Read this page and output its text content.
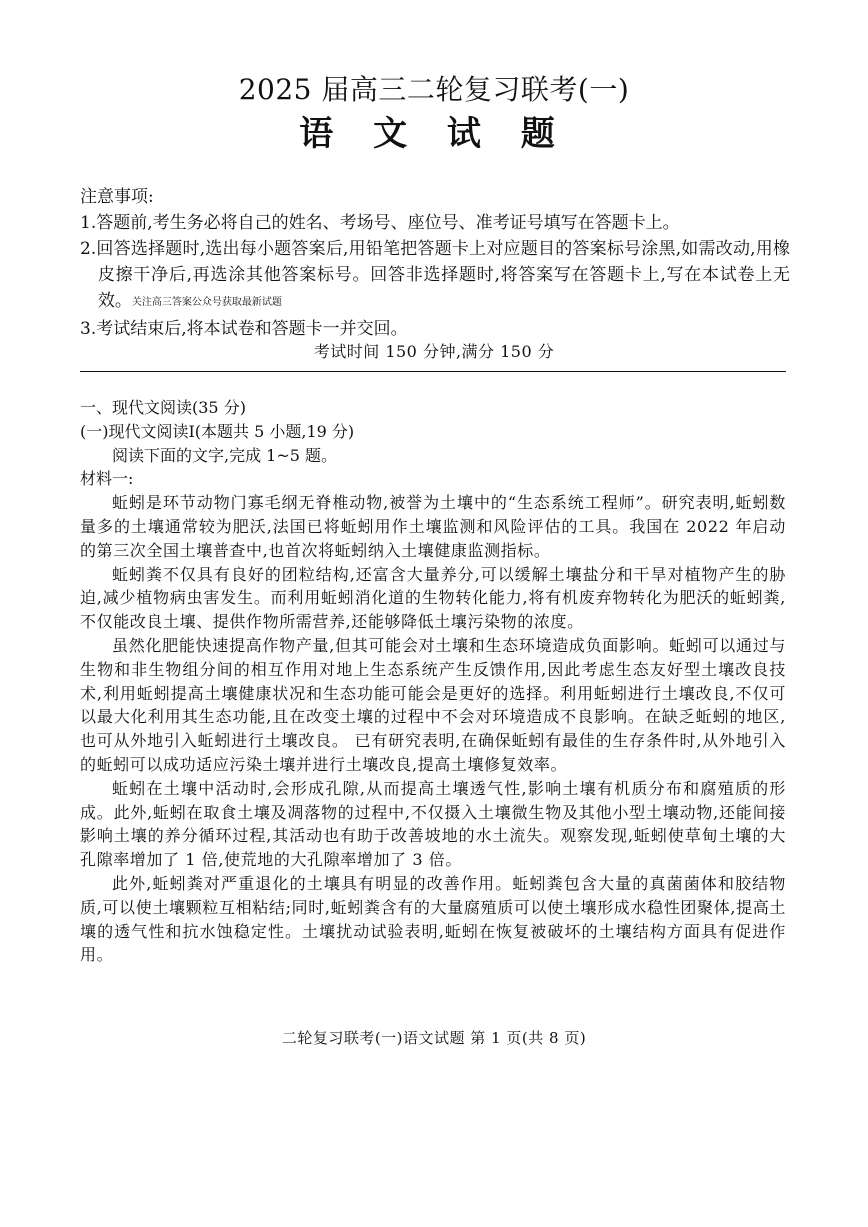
2025 届高三二轮复习联考(一)
语 文 试 题
注意事项:
1.答题前,考生务必将自己的姓名、考场号、座位号、准考证号填写在答题卡上。
2.回答选择题时,选出每小题答案后,用铅笔把答题卡上对应题目的答案标号涂黑,如需改动,用橡皮擦干净后,再选涂其他答案标号。回答非选择题时,将答案写在答题卡上,写在本试卷上无效。关注高三答案公众号获取最新试题
3.考试结束后,将本试卷和答题卡一并交回。
考试时间 150 分钟,满分 150 分

一、现代文阅读(35 分)

(一)现代文阅读Ⅰ(本题共 5 小题,19 分)

阅读下面的文字,完成 1~5 题。

材料一:

蚯蚓是环节动物门寡毛纲无脊椎动物,被誉为土壤中的“生态系统工程师”。研究表明,蚯蚓数量多的土壤通常较为肥沃,法国已将蚯蚓用作土壤监测和风险评估的工具。我国在 2022 年启动的第三次全国土壤普查中,也首次将蚯蚓纳入土壤健康监测指标。

蚯蚓粪不仅具有良好的团粒结构,还富含大量养分,可以缓解土壤盐分和干旱对植物产生的胁迫,减少植物病虫害发生。而利用蚯蚓消化道的生物转化能力,将有机废弃物转化为肥沃的蚯蚓粪,不仅能改良土壤、提供作物所需营养,还能够降低土壤污染物的浓度。

虽然化肥能快速提高作物产量,但其可能会对土壤和生态环境造成负面影响。蚯蚓可以通过与生物和非生物组分间的相互作用对地上生态系统产生反馈作用,因此考虑生态友好型土壤改良技术,利用蚯蚓提高土壤健康状况和生态功能可能会是更好的选择。利用蚯蚓进行土壤改良,不仅可以最大化利用其生态功能,且在改变土壤的过程中不会对环境造成不良影响。在缺乏蚯蚓的地区,也可从外地引入蚯蚓进行土壤改良。 已有研究表明,在确保蚯蚓有最佳的生存条件时,从外地引入的蚯蚓可以成功适应污染土壤并进行土壤改良,提高土壤修复效率。

蚯蚓在土壤中活动时,会形成孔隙,从而提高土壤透气性,影响土壤有机质分布和腐殖质的形成。此外,蚯蚓在取食土壤及凋落物的过程中,不仅摄入土壤微生物及其他小型土壤动物,还能间接影响土壤的养分循环过程,其活动也有助于改善坡地的水土流失。观察发现,蚯蚓使草甸土壤的大孔隙率增加了 1 倍,使荒地的大孔隙率增加了 3 倍。

此外,蚯蚓粪对严重退化的土壤具有明显的改善作用。蚯蚓粪包含大量的真菌菌体和胶结物质,可以使土壤颗粒互相粘结;同时,蚯蚓粪含有的大量腐殖质可以使土壤形成水稳性团聚体,提高土壤的透气性和抗水蚀稳定性。土壤扰动试验表明,蚯蚓在恢复被破坏的土壤结构方面具有促进作用。

二轮复习联考(一)语文试题 第 1 页(共 8 页)
